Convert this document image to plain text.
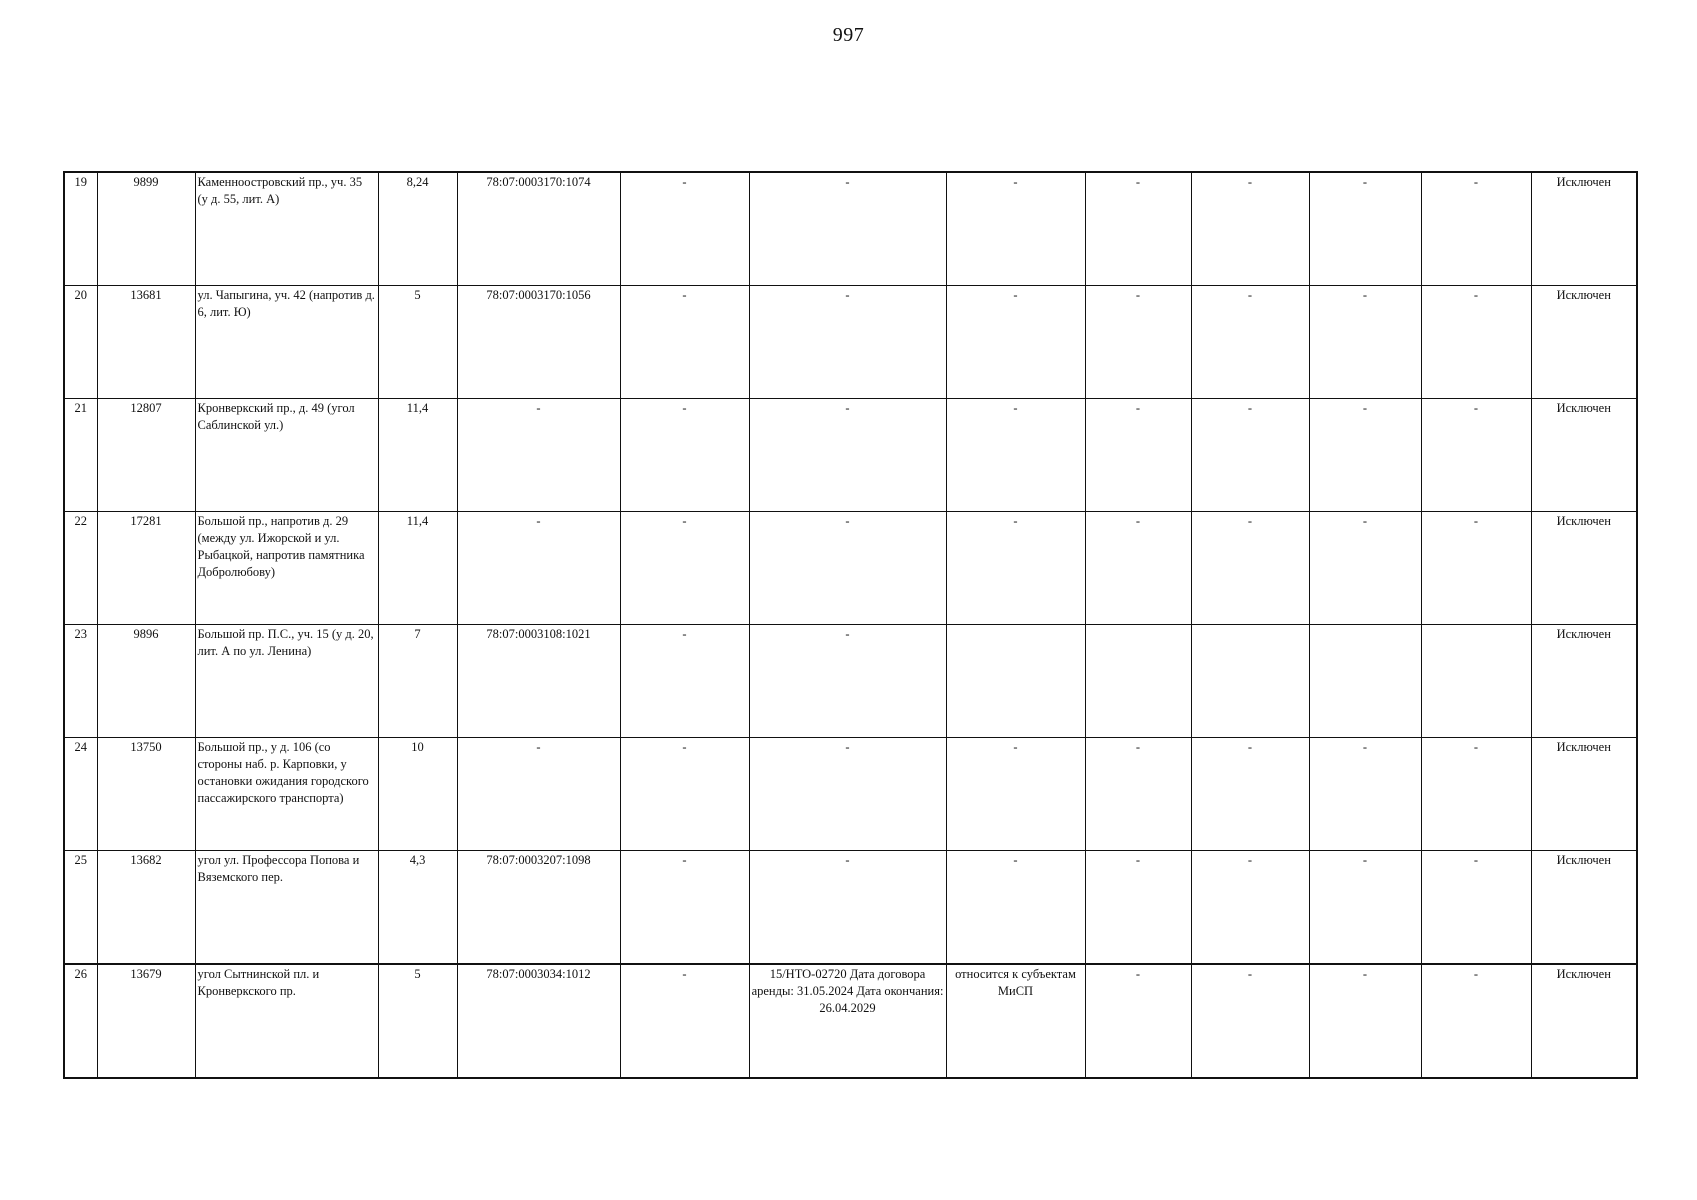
997
19	9899	Каменноостровский пр., уч. 35 (у д. 55, лит. А)	8,24	78:07:0003170:1074	-	-	-	-	-	-	-	Исключен
20	13681	ул. Чапыгина, уч. 42 (напротив д. 6, лит. Ю)	5	78:07:0003170:1056	-	-	-	-	-	-	-	Исключен
21	12807	Кронверкский пр., д. 49 (угол Саблинской ул.)	11,4	-	-	-	-	-	-	-	-	Исключен
22	17281	Большой пр., напротив д. 29 (между ул. Ижорской и ул. Рыбацкой, напротив памятника Добролюбову)	11,4	-	-	-	-	-	-	-	-	Исключен
23	9896	Большой пр. П.С., уч. 15 (у д. 20, лит. А по ул. Ленина)	7	78:07:0003108:1021	-	-						Исключен
24	13750	Большой пр., у д. 106 (со стороны наб. р. Карповки, у остановки ожидания городского пассажирского транспорта)	10	-	-	-	-	-	-	-	-	Исключен
25	13682	угол ул. Профессора Попова и Вяземского пер.	4,3	78:07:0003207:1098	-	-	-	-	-	-	-	Исключен
26	13679	угол Сытнинской пл. и Кронверкского пр.	5	78:07:0003034:1012	-	15/НТО-02720 Дата договора аренды: 31.05.2024 Дата окончания: 26.04.2029	относится к субъектам МиСП	-	-	-	-	Исключен
